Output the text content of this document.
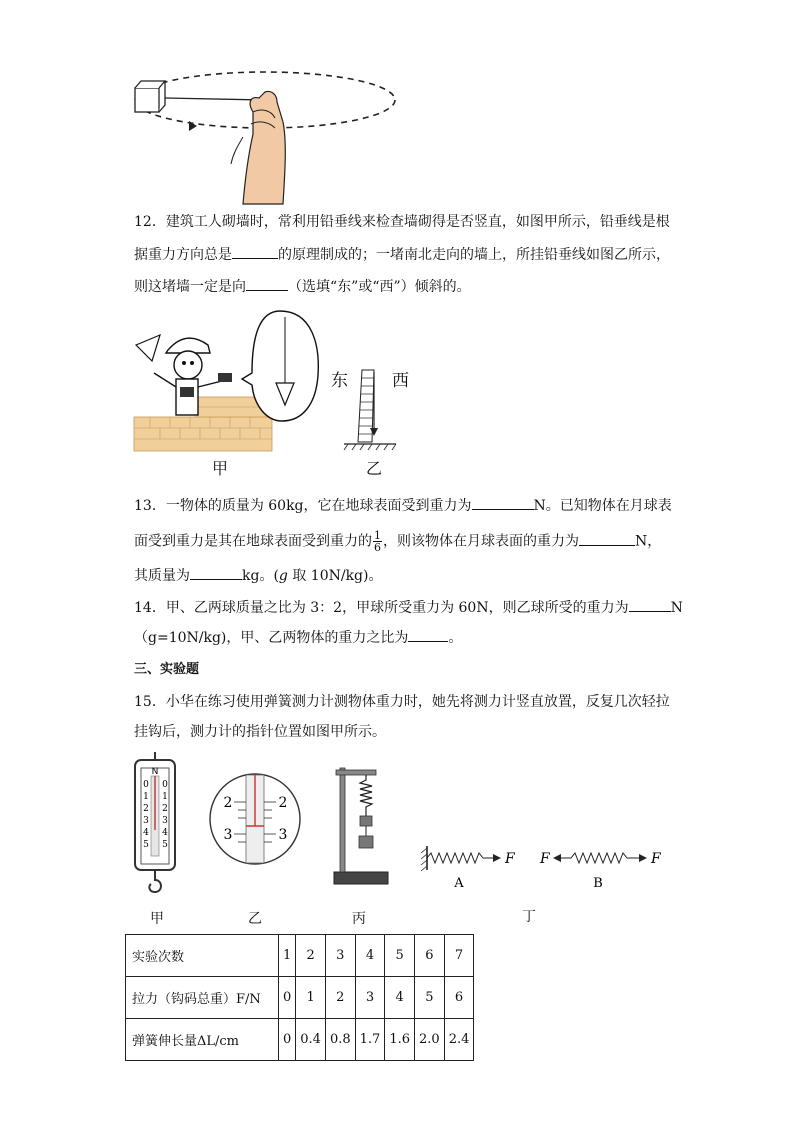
12．建筑工人砌墙时，常利用铅垂线来检查墙砌得是否竖直，如图甲所示，铅垂线是根
据重力方向总是	的原理制成的；一堵南北走向的墙上，所挂铅垂线如图乙所示，
则这堵墙一定是向	（选填“东”或“西”）倾斜的。
甲
东	西
乙
13．一物体的质量为 60kg，它在地球表面受到重力为	N。已知物体在月球表
面受到重力是其在地球表面受到重力的 $\frac{1}{6}$ ，则该物体在月球表面的重力为	N，
其质量为	kg。(g 取 10N/kg)。
14．甲、乙两球质量之比为 3：2，甲球所受重力为 60N，则乙球所受的重力为	N
（g=10N/kg)，甲、乙两物体的重力之比为	。
三、实验题
15．小华在练习使用弹簧测力计测物体重力时，她先将测力计竖直放置，反复几次轻拉
挂钩后，测力计的指针位置如图甲所示。
N
0
1
2
3
4
5
0
1
2
3
4
5
2
3
2
3
F F	F
A	B
甲	乙	丙	丁
实验次数	1	2	3	4	5	6	7
拉力（钩码总重）F/N	0	1	2	3	4	5	6
弹簧伸长量ΔL/cm	0	0.4	0.8	1.7	1.6	2.0	2.4
